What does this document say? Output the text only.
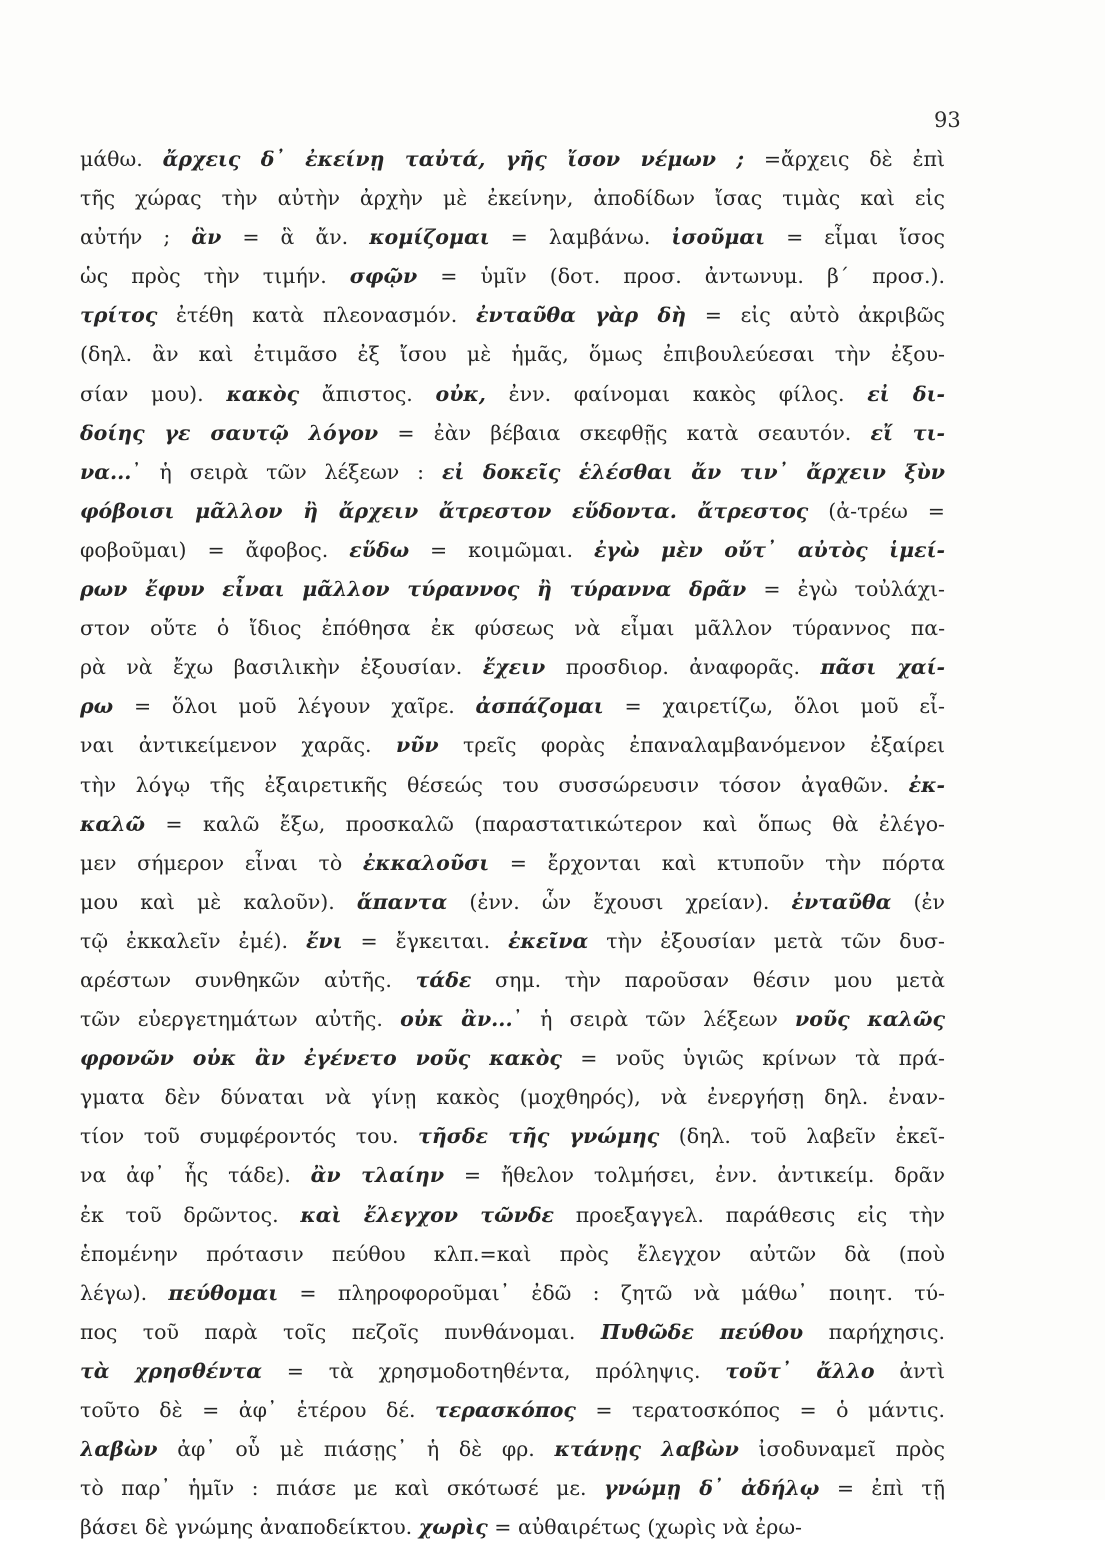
93
μάθω. ἄρχεις δ᾽ ἐκείνῃ ταὐτά, γῆς ἴσον νέμων ; =ἄρχεις δὲ ἐπὶ
τῆς χώρας τὴν αὐτὴν ἀρχὴν μὲ ἐκείνην, ἀποδίδων ἴσας τιμὰς καὶ εἰς
αὐτήν ; ἃν = ἃ ἄν. κομίζομαι = λαμβάνω. ἰσοῦμαι = εἶμαι ἴσος
ὡς πρὸς τὴν τιμήν. σφῷν = ὑμῖν (δοτ. προσ. ἀντωνυμ. β΄ προσ.).
τρίτος ἐτέθη κατὰ πλεονασμόν. ἐνταῦθα γὰρ δὴ = εἰς αὐτὸ ἀκριβῶς
(δηλ. ἂν καὶ ἐτιμᾶσο ἐξ ἴσου μὲ ἡμᾶς, ὅμως ἐπιβουλεύεσαι τὴν ἐξου-
σίαν μου). κακὸς ἄπιστος. οὐκ, ἐνν. φαίνομαι κακὸς φίλος. εἰ δι-
δοίης γε σαυτῷ λόγον = ἐὰν βέβαια σκεφθῇς κατὰ σεαυτόν. εἴ τι-
να...᾽ ἡ σειρὰ τῶν λέξεων : εἰ δοκεῖς ἑλέσθαι ἄν τιν᾽ ἄρχειν ξὺν
φόβοισι μᾶλλον ἢ ἄρχειν ἄτρεστον εὕδοντα. ἄτρεστος (ἀ-τρέω =
φοβοῦμαι) = ἄφοβος. εὕδω = κοιμῶμαι. ἐγὼ μὲν οὔτ᾽ αὐτὸς ἱμεί-
ρων ἔφυν εἶναι μᾶλλον τύραννος ἢ τύραννα δρᾶν = ἐγὼ τοὐλάχι-
στον οὔτε ὁ ἴδιος ἐπόθησα ἐκ φύσεως νὰ εἶμαι μᾶλλον τύραννος πα-
ρὰ νὰ ἔχω βασιλικὴν ἐξουσίαν. ἔχειν προσδιορ. ἀναφορᾶς. πᾶσι χαί-
ρω = ὅλοι μοῦ λέγουν χαῖρε. ἀσπάζομαι = χαιρετίζω, ὅλοι μοῦ εἶ-
ναι ἀντικείμενον χαρᾶς. νῦν τρεῖς φορὰς ἐπαναλαμβανόμενον ἐξαίρει
τὴν λόγῳ τῆς ἐξαιρετικῆς θέσεώς του συσσώρευσιν τόσον ἀγαθῶν. ἐκ-
καλῶ = καλῶ ἔξω, προσκαλῶ (παραστατικώτερον καὶ ὅπως θὰ ἐλέγο-
μεν σήμερον εἶναι τὸ ἐκκαλοῦσι = ἔρχονται καὶ κτυποῦν τὴν πόρτα
μου καὶ μὲ καλοῦν). ἅπαντα (ἐνν. ὧν ἔχουσι χρείαν). ἐνταῦθα (ἐν
τῷ ἐκκαλεῖν ἐμέ). ἔνι = ἔγκειται. ἐκεῖνα τὴν ἐξουσίαν μετὰ τῶν δυσ-
αρέστων συνθηκῶν αὐτῆς. τάδε σημ. τὴν παροῦσαν θέσιν μου μετὰ
τῶν εὐεργετημάτων αὐτῆς. οὐκ ἂν...᾽ ἡ σειρὰ τῶν λέξεων νοῦς καλῶς
φρονῶν οὐκ ἂν ἐγένετο νοῦς κακὸς = νοῦς ὑγιῶς κρίνων τὰ πρά-
γματα δὲν δύναται νὰ γίνῃ κακὸς (μοχθηρός), νὰ ἐνεργήσῃ δηλ. ἐναν-
τίον τοῦ συμφέροντός του. τῆσδε τῆς γνώμης (δηλ. τοῦ λαβεῖν ἐκεῖ-
να ἀφ᾽ ἧς τάδε). ἂν τλαίην = ἤθελον τολμήσει, ἐνν. ἀντικείμ. δρᾶν
ἐκ τοῦ δρῶντος. καὶ ἔλεγχον τῶνδε προεξαγγελ. παράθεσις εἰς τὴν
ἑπομένην πρότασιν πεύθου κλπ.=καὶ πρὸς ἔλεγχον αὐτῶν δὰ (ποὺ
λέγω). πεύθομαι = πληροφοροῦμαι᾽ ἐδῶ : ζητῶ νὰ μάθω᾽ ποιητ. τύ-
πος τοῦ παρὰ τοῖς πεζοῖς πυνθάνομαι. Πυθῶδε πεύθου παρήχησις.
τὰ χρησθέντα = τὰ χρησμοδοτηθέντα, πρόληψις. τοῦτ᾽ ἄλλο ἀντὶ
τοῦτο δὲ = ἀφ᾽ ἑτέρου δέ. τερασκόπος = τερατοσκόπος = ὁ μάντις.
λαβὼν ἀφ᾽ οὗ μὲ πιάσῃς᾽ ἡ δὲ φρ. κτάνῃς λαβὼν ἰσοδυναμεῖ πρὸς
τὸ παρ᾽ ἡμῖν : πιάσε με καὶ σκότωσέ με. γνώμῃ δ᾽ ἀδήλῳ = ἐπὶ τῇ
βάσει δὲ γνώμης ἀναποδείκτου. χωρὶς = αὐθαιρέτως (χωρὶς νὰ ἐρω-
